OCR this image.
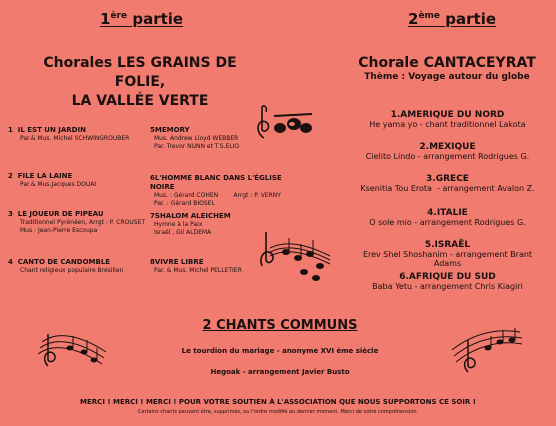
1ère partie	2ème partie
Chorales LES GRAINS DE FOLIE,
LA VALLÉE VERTE
1 IL EST UN JARDIN
Par.& Mus. Michel SCHWINGROUBER
2 FILE LA LAINE
Par.& Mus.Jacques DOUAI
3 LE JOUEUR DE PIPEAU
Traditionnel Pyrénéen, Arrgt : P. CROUSET
Mus : Jean-Pierre Escoupa
4 CANTO DE CANDOMBLE
Chant religieux populaire Brésilien
5MEMORY
Mus. Andrew Lloyd WEBBER
Par. Trevor NUNN et T.S.ELIO
6L'HOMME BLANC DANS L'ÉGLISE NOIRE
Mus. : Gérard COHEN        Arrgt : P. VERNY
Par. : Gérard BIOSEL
7SHALOM ALEICHEM
Hymne à la Paix
Israël , Gil ALDEMA
8VIVRE LIBRE
Par. & Mus. Michel PELLETIER
Chorale CANTACEYRAT
Thème : Voyage autour du globe
1.AMERIQUE DU NORD
He yama yo - chant traditionnel Lakota
2.MEXIQUE
Cielito Lindo - arrangement Rodrigues G.
3.GRECE
Ksenitia Tou Erota  - arrangement Avalon Z.
4.ITALIE
O sole mio - arrangement Rodrigues G.
5.ISRAËL
Erev Shel Shoshanim - arrangement Brant Adams
6.AFRIQUE DU SUD
Baba Yetu - arrangement Chris Kiagiri
2 CHANTS COMMUNS
Le tourdion du mariage - anonyme XVI ème siècle
Hegoak - arrangement Javier Busto
MERCI ! MERCI ! MERCI ! POUR VOTRE SOUTIEN À L'ASSOCIATION QUE NOUS SUPPORTONS CE SOIR !
Certains chants peuvent être, supprimés, ou l'ordre modifié au dernier moment. Merci de votre compréhension.
